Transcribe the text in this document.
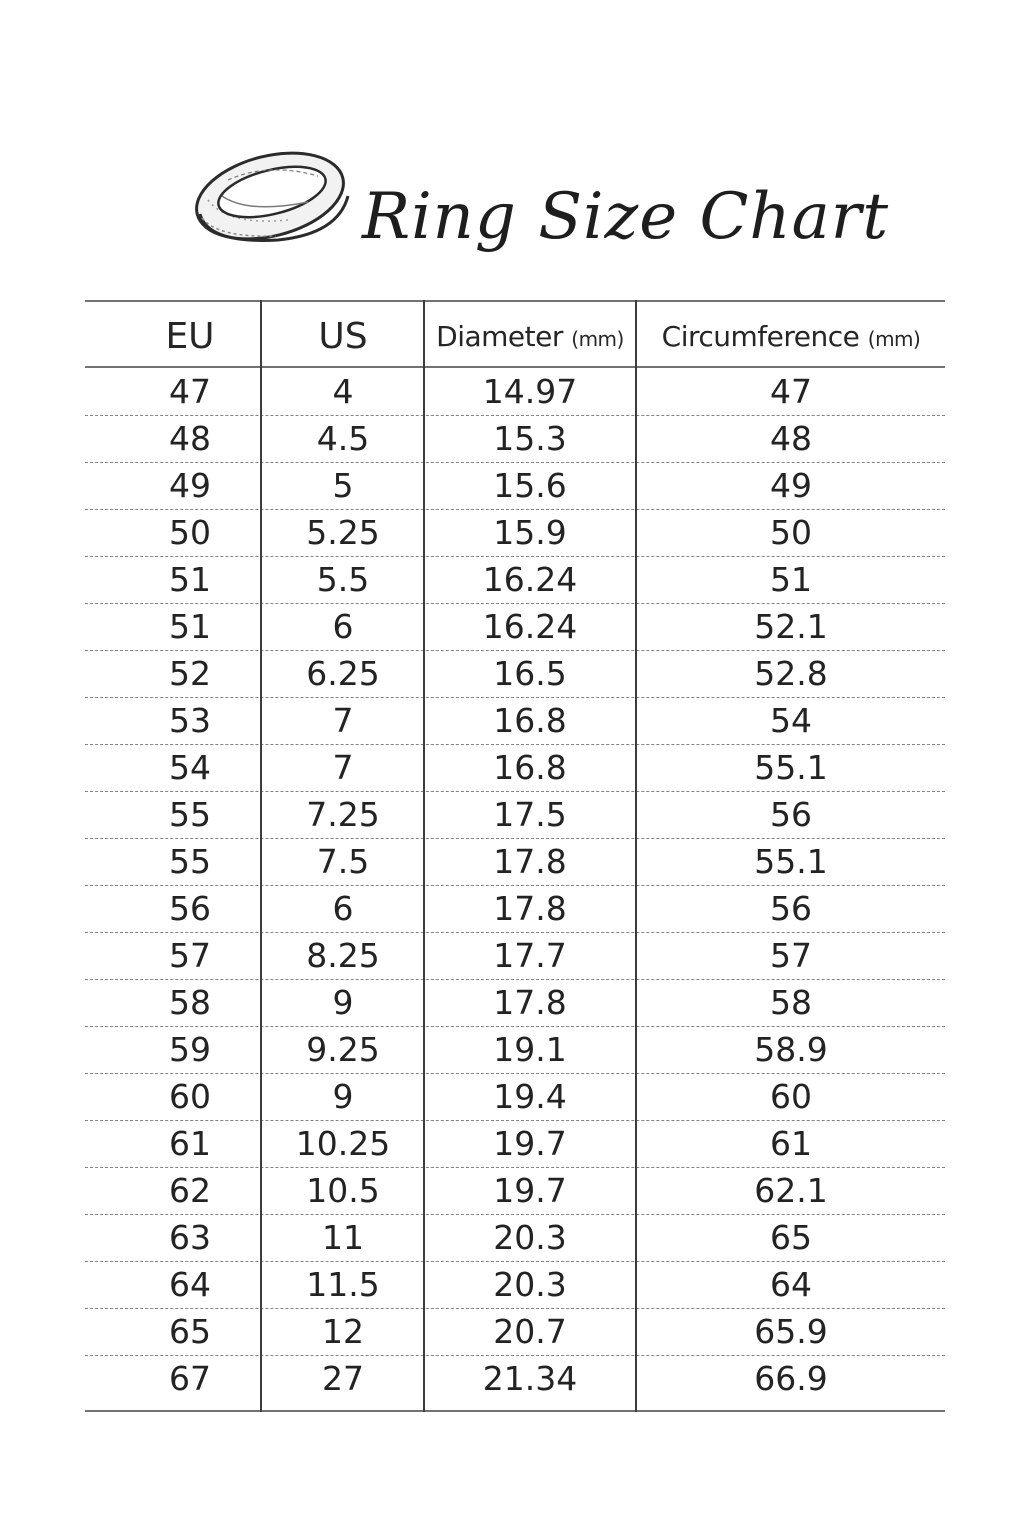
Ring Size Chart
EU	US	Diameter (mm)	Circumference (mm)
47	4	14.97	47
48	4.5	15.3	48
49	5	15.6	49
50	5.25	15.9	50
51	5.5	16.24	51
51	6	16.24	52.1
52	6.25	16.5	52.8
53	7	16.8	54
54	7	16.8	55.1
55	7.25	17.5	56
55	7.5	17.8	55.1
56	6	17.8	56
57	8.25	17.7	57
58	9	17.8	58
59	9.25	19.1	58.9
60	9	19.4	60
61	10.25	19.7	61
62	10.5	19.7	62.1
63	11	20.3	65
64	11.5	20.3	64
65	12	20.7	65.9
67	27	21.34	66.9
